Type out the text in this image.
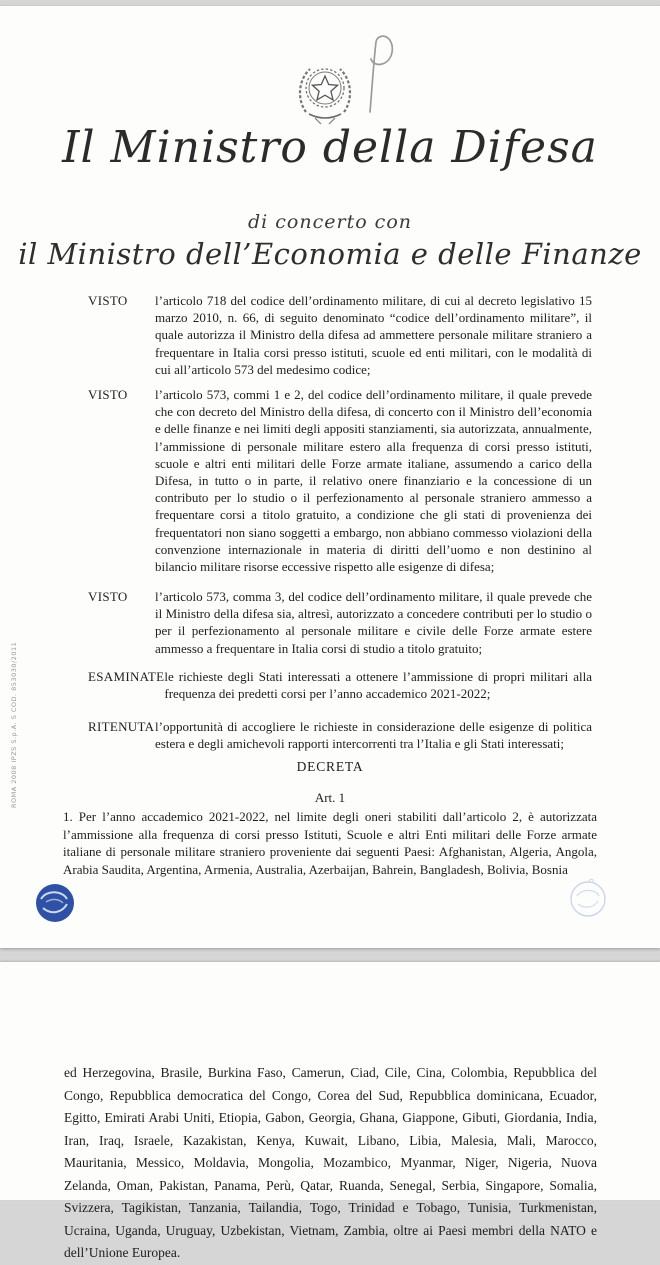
Il Ministro della Difesa
di concerto con
il Ministro dell’Economia e delle Finanze
VISTO	l’articolo 718 del codice dell’ordinamento militare, di cui al decreto legislativo 15 marzo 2010, n. 66, di seguito denominato “codice dell’ordinamento militare”, il quale autorizza il Ministro della difesa ad ammettere personale militare straniero a frequentare in Italia corsi presso istituti, scuole ed enti militari, con le modalità di cui all’articolo 573 del medesimo codice;
VISTO	l’articolo 573, commi 1 e 2, del codice dell’ordinamento militare, il quale prevede che con decreto del Ministro della difesa, di concerto con il Ministro dell’economia e delle finanze e nei limiti degli appositi stanziamenti, sia autorizzata, annualmente, l’ammissione di personale militare estero alla frequenza di corsi presso istituti, scuole e altri enti militari delle Forze armate italiane, assumendo a carico della Difesa, in tutto o in parte, il relativo onere finanziario e la concessione di un contributo per lo studio o il perfezionamento al personale straniero ammesso a frequentare corsi a titolo gratuito, a condizione che gli stati di provenienza dei frequentatori non siano soggetti a embargo, non abbiano commesso violazioni della convenzione internazionale in materia di diritti dell’uomo e non destinino al bilancio militare risorse eccessive rispetto alle esigenze di difesa;
VISTO	l’articolo 573, comma 3, del codice dell’ordinamento militare, il quale prevede che il Ministro della difesa sia, altresì, autorizzato a concedere contributi per lo studio o per il perfezionamento al personale militare e civile delle Forze armate estere ammesso a frequentare in Italia corsi di studio a titolo gratuito;
ESAMINATE le richieste degli Stati interessati a ottenere l’ammissione di propri militari alla frequenza dei predetti corsi per l’anno accademico 2021-2022;
RITENUTA l’opportunità di accogliere le richieste in considerazione delle esigenze di politica estera e degli amichevoli rapporti intercorrenti tra l’Italia e gli Stati interessati;
DECRETA
Art. 1
1. Per l’anno accademico 2021-2022, nel limite degli oneri stabiliti dall’articolo 2, è autorizzata l’ammissione alla frequenza di corsi presso Istituti, Scuole e altri Enti militari delle Forze armate italiane di personale militare straniero proveniente dai seguenti Paesi: Afghanistan, Algeria, Angola, Arabia Saudita, Argentina, Armenia, Australia, Azerbaijan, Bahrein, Bangladesh, Bolivia, Bosnia
ROMA 2008 IPZS S.p.A. S COD. 853030/2011
ed Herzegovina, Brasile, Burkina Faso, Camerun, Ciad, Cile, Cina, Colombia, Repubblica del Congo, Repubblica democratica del Congo, Corea del Sud, Repubblica dominicana, Ecuador, Egitto, Emirati Arabi Uniti, Etiopia, Gabon, Georgia, Ghana, Giappone, Gibuti, Giordania, India, Iran, Iraq, Israele, Kazakistan, Kenya, Kuwait, Libano, Libia, Malesia, Mali, Marocco, Mauritania, Messico, Moldavia, Mongolia, Mozambico, Myanmar, Niger, Nigeria, Nuova Zelanda, Oman, Pakistan, Panama, Perù, Qatar, Ruanda, Senegal, Serbia, Singapore, Somalia, Svizzera, Tagikistan, Tanzania, Tailandia, Togo, Trinidad e Tobago, Tunisia, Turkmenistan, Ucraina, Uganda, Uruguay, Uzbekistan, Vietnam, Zambia, oltre ai Paesi membri della NATO e dell’Unione Europea.
